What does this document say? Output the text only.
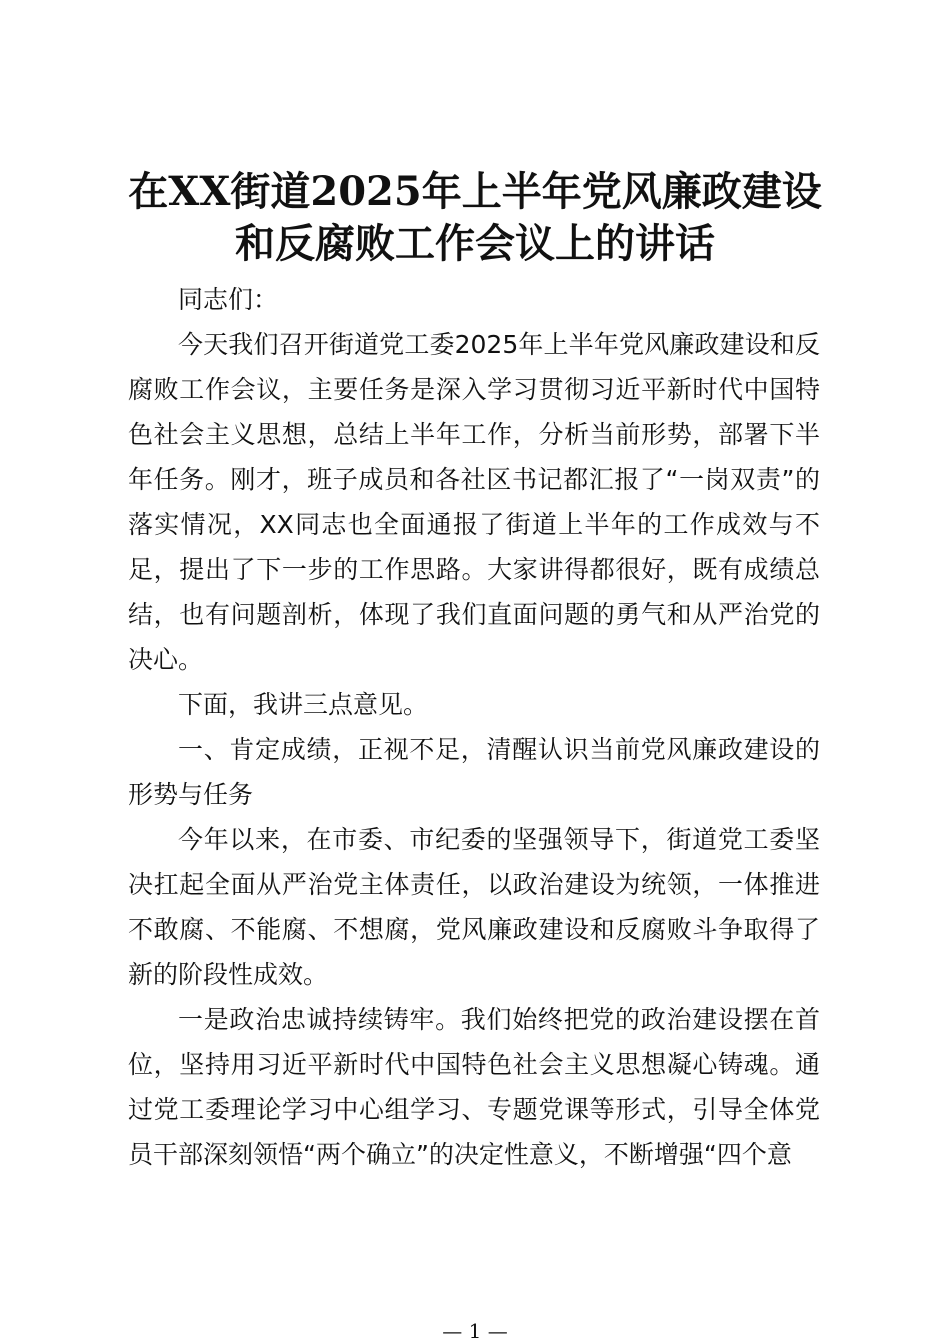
在XX街道2025年上半年党风廉政建设
和反腐败工作会议上的讲话

同志们：

今天我们召开街道党工委2025年上半年党风廉政建设和反腐败工作会议，主要任务是深入学习贯彻习近平新时代中国特色社会主义思想，总结上半年工作，分析当前形势，部署下半年任务。刚才，班子成员和各社区书记都汇报了“一岗双责”的落实情况，XX同志也全面通报了街道上半年的工作成效与不足，提出了下一步的工作思路。大家讲得都很好，既有成绩总结，也有问题剖析，体现了我们直面问题的勇气和从严治党的决心。

下面，我讲三点意见。

一、肯定成绩，正视不足，清醒认识当前党风廉政建设的形势与任务

今年以来，在市委、市纪委的坚强领导下，街道党工委坚决扛起全面从严治党主体责任，以政治建设为统领，一体推进不敢腐、不能腐、不想腐，党风廉政建设和反腐败斗争取得了新的阶段性成效。

一是政治忠诚持续铸牢。我们始终把党的政治建设摆在首位，坚持用习近平新时代中国特色社会主义思想凝心铸魂。通过党工委理论学习中心组学习、专题党课等形式，引导全体党员干部深刻领悟“两个确立”的决定性意义，不断增强“四个意

— 1 —
